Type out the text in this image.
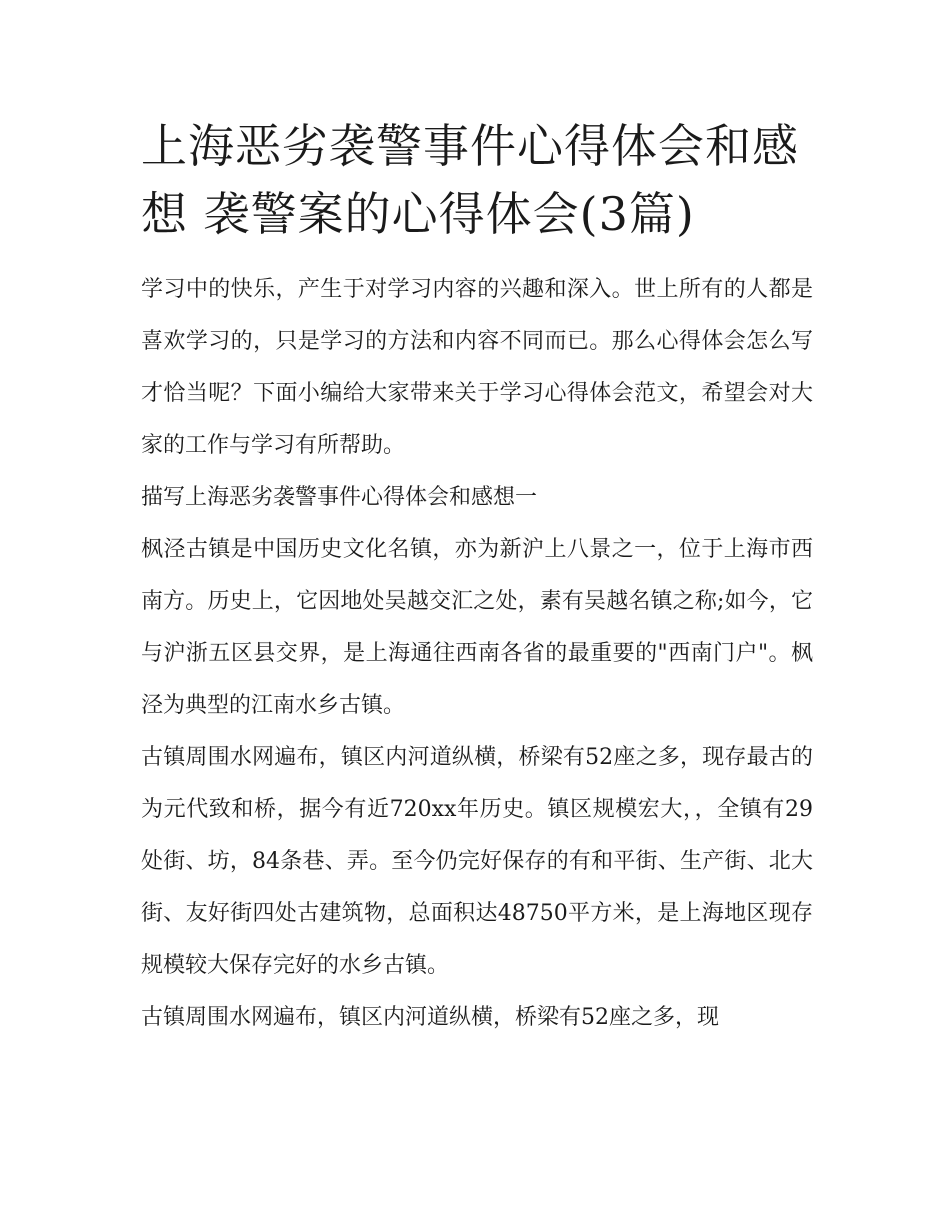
上海恶劣袭警事件心得体会和感想 袭警案的心得体会(3篇)

学习中的快乐，产生于对学习内容的兴趣和深入。世上所有的人都是喜欢学习的，只是学习的方法和内容不同而已。那么心得体会怎么写才恰当呢？下面小编给大家带来关于学习心得体会范文，希望会对大家的工作与学习有所帮助。

描写上海恶劣袭警事件心得体会和感想一

枫泾古镇是中国历史文化名镇，亦为新沪上八景之一，位于上海市西南方。历史上，它因地处吴越交汇之处，素有吴越名镇之称;如今，它与沪浙五区县交界，是上海通往西南各省的最重要的"西南门户"。枫泾为典型的江南水乡古镇。

古镇周围水网遍布，镇区内河道纵横，桥梁有52座之多，现存最古的为元代致和桥，据今有近720xx年历史。镇区规模宏大，，全镇有29处街、坊，84条巷、弄。至今仍完好保存的有和平街、生产街、北大街、友好街四处古建筑物，总面积达48750平方米，是上海地区现存规模较大保存完好的水乡古镇。

古镇周围水网遍布，镇区内河道纵横，桥梁有52座之多，现
